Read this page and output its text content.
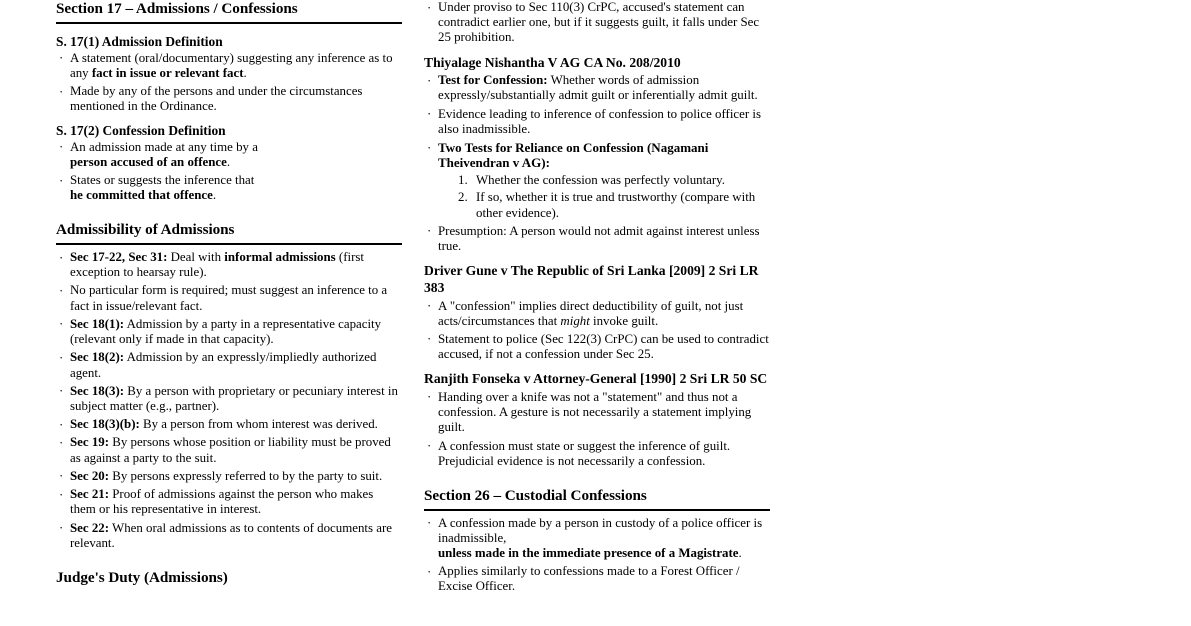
Section 17 – Admissions / Confessions
S. 17(1) Admission Definition
· A statement (oral/documentary) suggesting any inference as to any fact in issue or relevant fact.
· Made by any of the persons and under the circumstances mentioned in the Ordinance.
S. 17(2) Confession Definition
· An admission made at any time by a
person accused of an offence.
· States or suggests the inference that
he committed that offence.
Admissibility of Admissions
· Sec 17-22, Sec 31: Deal with informal admissions (first exception to hearsay rule).
· No particular form is required; must suggest an inference to a fact in issue/relevant fact.
· Sec 18(1): Admission by a party in a representative capacity (relevant only if made in that capacity).
· Sec 18(2): Admission by an expressly/impliedly authorized agent.
· Sec 18(3): By a person with proprietary or pecuniary interest in subject matter (e.g., partner).
· Sec 18(3)(b): By a person from whom interest was derived.
· Sec 19: By persons whose position or liability must be proved as against a party to the suit.
· Sec 20: By persons expressly referred to by the party to suit.
· Sec 21: Proof of admissions against the person who makes them or his representative in interest.
· Sec 22: When oral admissions as to contents of documents are relevant.
Judge's Duty (Admissions)
· Under proviso to Sec 110(3) CrPC, accused's statement can contradict earlier one, but if it suggests guilt, it falls under Sec 25 prohibition.
Thiyalage Nishantha V AG CA No. 208/2010
· Test for Confession: Whether words of admission expressly/substantially admit guilt or inferentially admit guilt.
· Evidence leading to inference of confession to police officer is also inadmissible.
· Two Tests for Reliance on Confession (Nagamani Theivendran v AG):
1. Whether the confession was perfectly voluntary.
2. If so, whether it is true and trustworthy (compare with other evidence).
· Presumption: A person would not admit against interest unless true.
Driver Gune v The Republic of Sri Lanka [2009] 2 Sri LR 383
· A "confession" implies direct deductibility of guilt, not just acts/circumstances that might invoke guilt.
· Statement to police (Sec 122(3) CrPC) can be used to contradict accused, if not a confession under Sec 25.
Ranjith Fonseka v Attorney-General [1990] 2 Sri LR 50 SC
· Handing over a knife was not a "statement" and thus not a confession. A gesture is not necessarily a statement implying guilt.
· A confession must state or suggest the inference of guilt. Prejudicial evidence is not necessarily a confession.
Section 26 – Custodial Confessions
· A confession made by a person in custody of a police officer is inadmissible,
unless made in the immediate presence of a Magistrate.
· Applies similarly to confessions made to a Forest Officer / Excise Officer.
